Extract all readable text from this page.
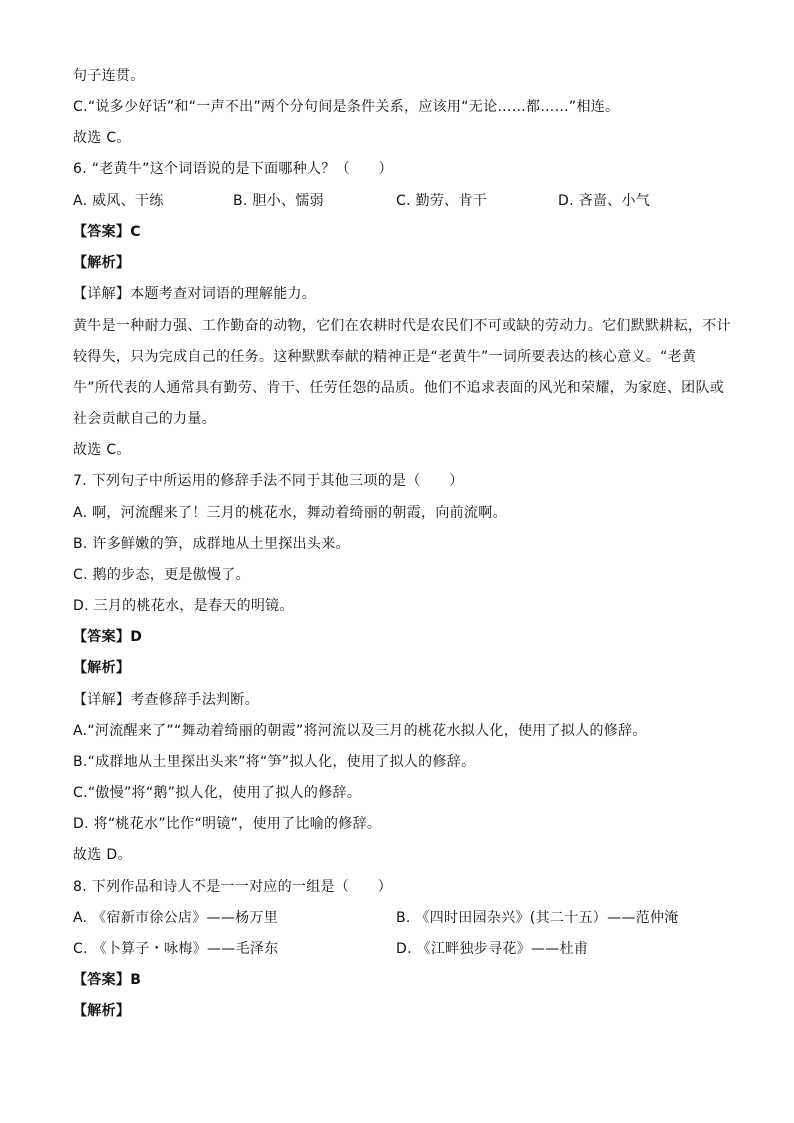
句子连贯。
C.“说多少好话”和“一声不出”两个分句间是条件关系，应该用“无论……都……”相连。
故选 C。
6. “老黄牛”这个词语说的是下面哪种人？（　　）
A. 威风、干练	B. 胆小、懦弱	C. 勤劳、肯干	D. 吝啬、小气
【答案】C
【解析】
【详解】本题考查对词语的理解能力。
黄牛是一种耐力强、工作勤奋的动物，它们在农耕时代是农民们不可或缺的劳动力。它们默默耕耘，不计
较得失，只为完成自己的任务。这种默默奉献的精神正是“老黄牛”一词所要表达的核心意义。“老黄
牛”所代表的人通常具有勤劳、肯干、任劳任怨的品质。他们不追求表面的风光和荣耀，为家庭、团队或
社会贡献自己的力量。
故选 C。
7. 下列句子中所运用的修辞手法不同于其他三项的是（　　）
A. 啊，河流醒来了！三月的桃花水，舞动着绮丽的朝霞，向前流啊。
B. 许多鲜嫩的笋，成群地从土里探出头来。
C. 鹅的步态，更是傲慢了。
D. 三月的桃花水，是春天的明镜。
【答案】D
【解析】
【详解】考查修辞手法判断。
A.“河流醒来了”“舞动着绮丽的朝霞”将河流以及三月的桃花水拟人化，使用了拟人的修辞。
B.“成群地从土里探出头来”将“笋”拟人化，使用了拟人的修辞。
C.“傲慢”将“鹅”拟人化，使用了拟人的修辞。
D. 将“桃花水”比作“明镜”，使用了比喻的修辞。
故选 D。
8. 下列作品和诗人不是一一对应的一组是（　　）
A. 《宿新市徐公店》——杨万里	B. 《四时田园杂兴》(其二十五）——范仲淹
C. 《卜算子・咏梅》——毛泽东	D. 《江畔独步寻花》——杜甫
【答案】B
【解析】
